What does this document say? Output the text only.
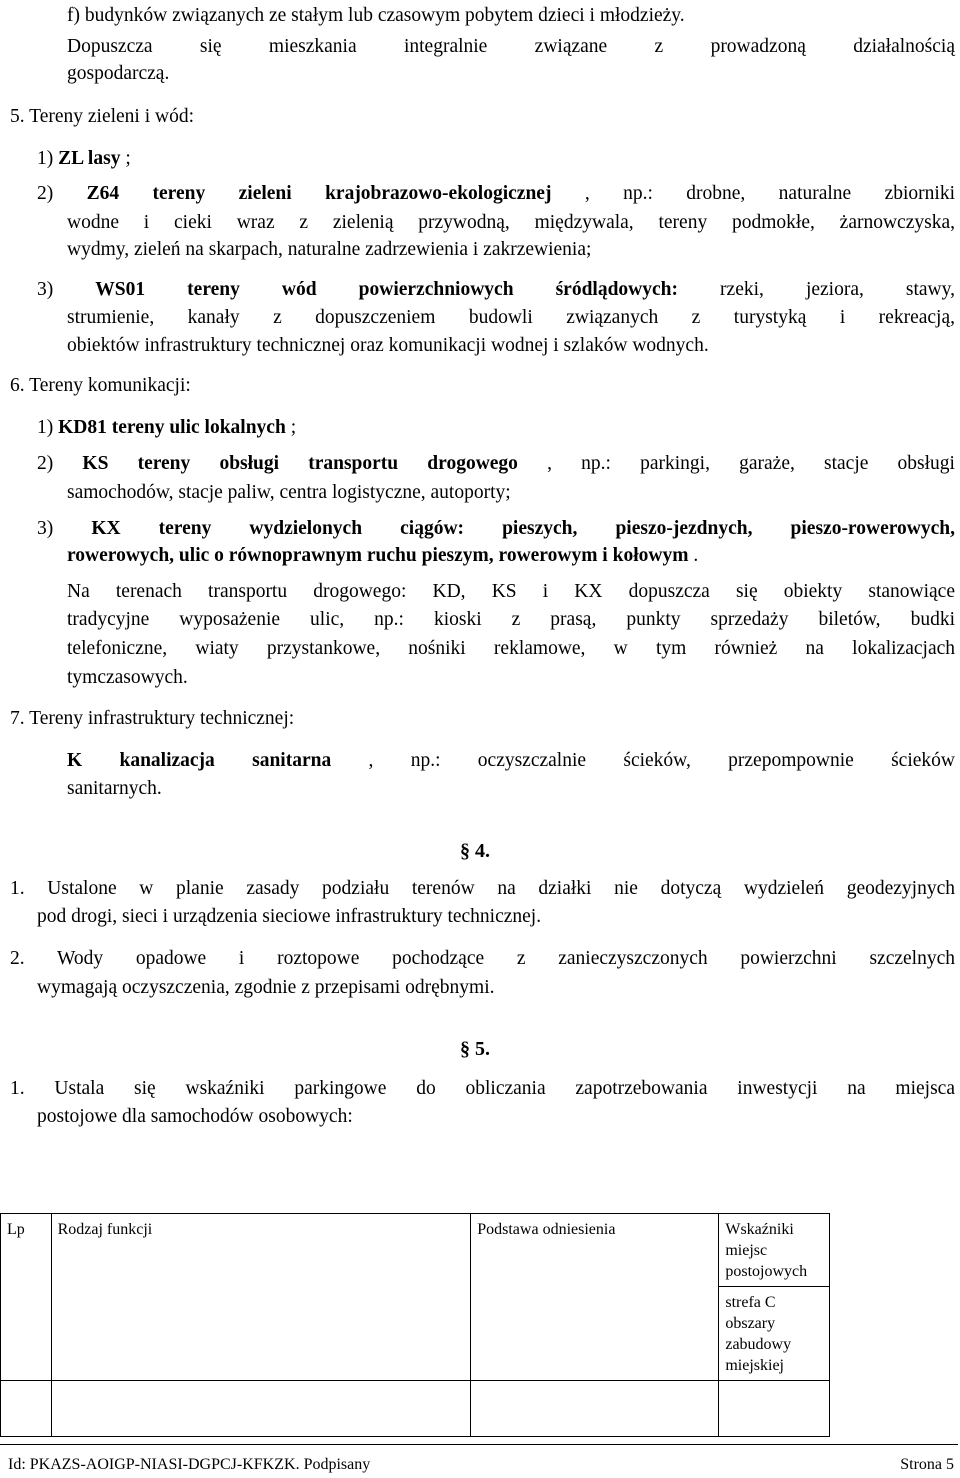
f) budynków związanych ze stałym lub czasowym pobytem dzieci i młodzieży.
Dopuszcza się mieszkania integralnie związane z prowadzoną działalnością
gospodarczą.
5. Tereny zieleni i wód:
1) ZL lasy ;
2) Z64 tereny zieleni krajobrazowo-ekologicznej , np.: drobne, naturalne zbiorniki
wodne i cieki wraz z zielenią przywodną, międzywala, tereny podmokłe, żarnowczyska,
wydmy, zieleń na skarpach, naturalne zadrzewienia i zakrzewienia;
3) WS01 tereny wód powierzchniowych śródlądowych: rzeki, jeziora, stawy,
strumienie, kanały z dopuszczeniem budowli związanych z turystyką i rekreacją,
obiektów infrastruktury technicznej oraz komunikacji wodnej i szlaków wodnych.
6. Tereny komunikacji:
1) KD81 tereny ulic lokalnych ;
2) KS tereny obsługi transportu drogowego , np.: parkingi, garaże, stacje obsługi
samochodów, stacje paliw, centra logistyczne, autoporty;
3) KX tereny wydzielonych ciągów: pieszych, pieszo-jezdnych, pieszo-rowerowych,
rowerowych, ulic o równoprawnym ruchu pieszym, rowerowym i kołowym .
Na terenach transportu drogowego: KD, KS i KX dopuszcza się obiekty stanowiące
tradycyjne wyposażenie ulic, np.: kioski z prasą, punkty sprzedaży biletów, budki
telefoniczne, wiaty przystankowe, nośniki reklamowe, w tym również na lokalizacjach
tymczasowych.
7. Tereny infrastruktury technicznej:
K kanalizacja sanitarna , np.: oczyszczalnie ścieków, przepompownie ścieków
sanitarnych.
§ 4.
1. Ustalone w planie zasady podziału terenów na działki nie dotyczą wydzieleń geodezyjnych
pod drogi, sieci i urządzenia sieciowe infrastruktury technicznej.
2. Wody opadowe i roztopowe pochodzące z zanieczyszczonych powierzchni szczelnych
wymagają oczyszczenia, zgodnie z przepisami odrębnymi.
§ 5.
1. Ustala się wskaźniki parkingowe do obliczania zapotrzebowania inwestycji na miejsca
postojowe dla samochodów osobowych:
Lp	Rodzaj funkcji	Podstawa odniesienia	Wskaźniki miejsc postojowych	
			strefa C obszary zabudowy miejskiej	

Id: PKAZS-AOIGP-NIASI-DGPCJ-KFKZK. Podpisany	Strona 5
